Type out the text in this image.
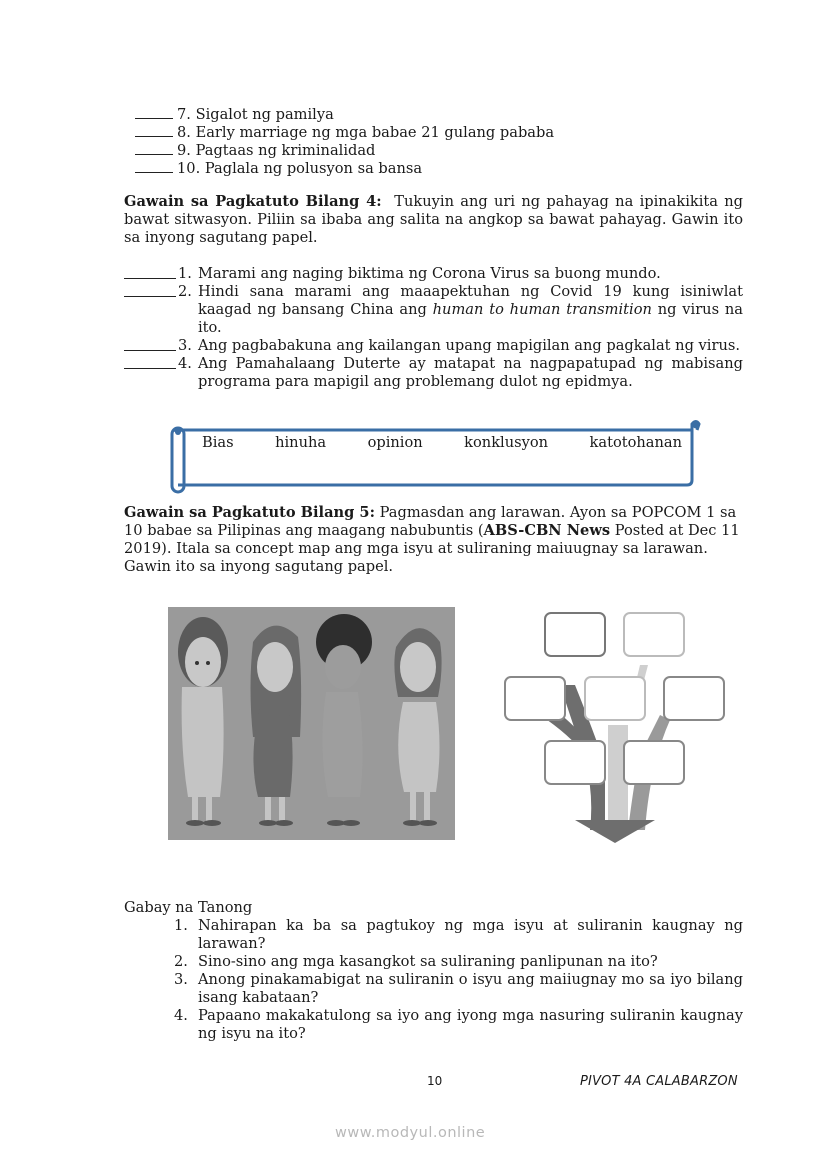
7. Sigalot ng pamilya
8. Early marriage ng mga babae 21 gulang pababa
9. Pagtaas ng kriminalidad
10. Paglala ng polusyon sa bansa
Gawain sa Pagkatuto Bilang 4: Tukuyin ang uri ng pahayag na ipinakikita ng bawat sitwasyon. Piliin sa ibaba ang salita na angkop sa bawat pahayag. Gawin ito sa inyong sagutang papel.
1. Marami ang naging biktima ng Corona Virus sa buong mundo.
2. Hindi sana marami ang maaapektuhan ng Covid 19 kung isiniwlat kaagad ng bansang China ang human to human transmition ng virus na ito.
3. Ang pagbabakuna ang kailangan upang mapigilan ang pagkalat ng virus.
4. Ang Pamahalaang Duterte ay matapat na nagpapatupad ng mabisang programa para mapigil ang problemang dulot ng epidmya.
Bias	hinuha	opinion	konklusyon	katotohanan
Gawain sa Pagkatuto Bilang 5: Pagmasdan ang larawan. Ayon sa POPCOM 1 sa 10 babae sa Pilipinas ang maagang nabubuntis (ABS-CBN News Posted at Dec 11 2019). Itala sa concept map ang mga isyu at suliraning maiuugnay sa larawan. Gawin ito sa inyong sagutang papel.
Gabay na Tanong
1. Nahirapan ka ba sa pagtukoy ng mga isyu at suliranin kaugnay ng larawan?
2. Sino-sino ang mga kasangkot sa suliraning panlipunan na ito?
3. Anong pinakamabigat na suliranin o isyu ang maiiugnay mo sa iyo bilang isang kabataan?
4. Papaano makakatulong sa iyo ang iyong mga nasuring suliranin kaugnay ng isyu na ito?
10	PIVOT 4A CALABARZON
www.modyul.online
